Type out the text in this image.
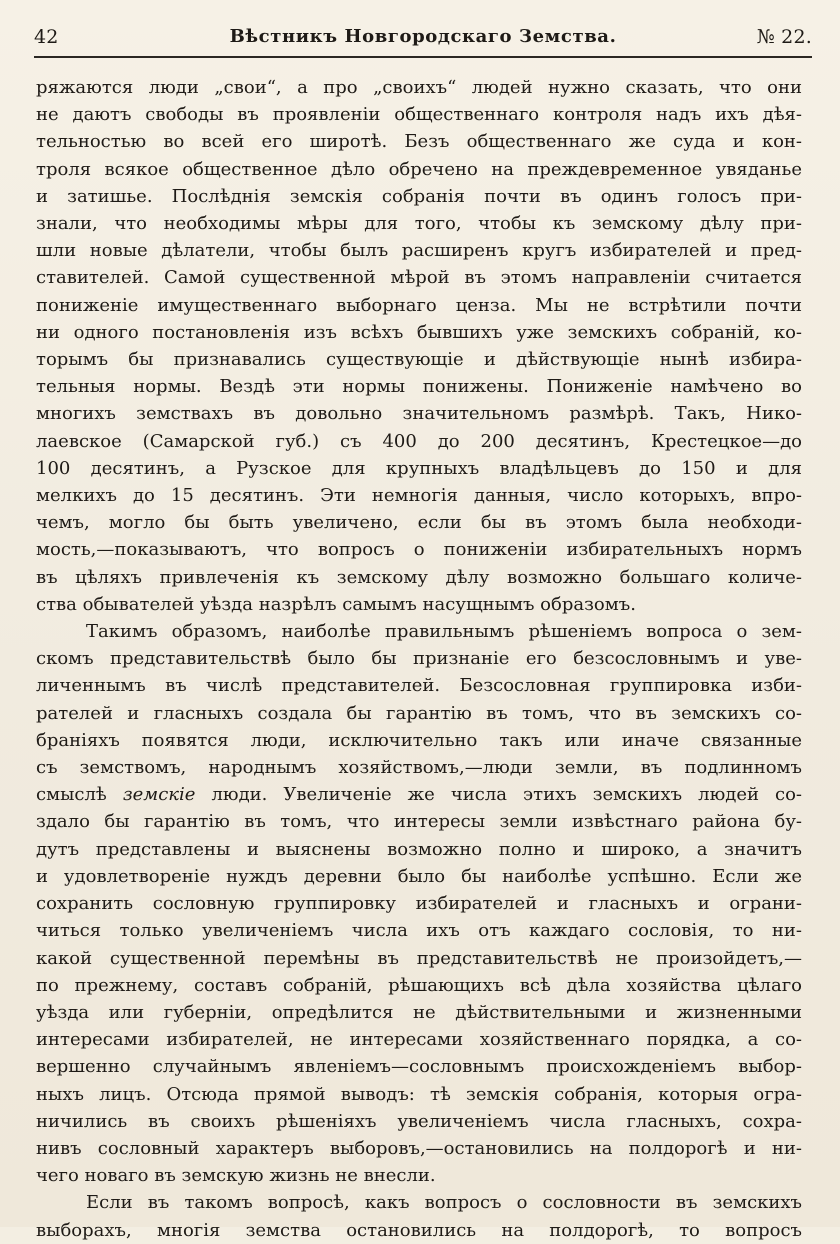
42	№ 22.
Вѣстникъ Новгородскаго Земства.
ряжаются люди „свои“, а про „своихъ“ людей нужно сказать, что они
не даютъ свободы въ проявленіи общественнаго контроля надъ ихъ дѣя-
тельностью во всей его широтѣ. Безъ общественнаго же суда и кон-
троля всякое общественное дѣло обречено на преждевременное увяданье
и затишье. Послѣднія земскія собранія почти въ одинъ голосъ при-
знали, что необходимы мѣры для того, чтобы къ земскому дѣлу при-
шли новые дѣлатели, чтобы былъ расширенъ кругъ избирателей и пред-
ставителей. Самой существенной мѣрой въ этомъ направленіи считается
пониженіе имущественнаго выборнаго ценза. Мы не встрѣтили почти
ни одного постановленія изъ всѣхъ бывшихъ уже земскихъ собраній, ко-
торымъ бы признавались существующіе и дѣйствующіе нынѣ избира-
тельныя нормы. Вездѣ эти нормы понижены. Пониженіе намѣчено во
многихъ земствахъ въ довольно значительномъ размѣрѣ. Такъ, Нико-
лаевское (Самарской губ.) съ 400 до 200 десятинъ, Крестецкое—до
100 десятинъ, а Рузское для крупныхъ владѣльцевъ до 150 и для
мелкихъ до 15 десятинъ. Эти немногія данныя, число которыхъ, впро-
чемъ, могло бы быть увеличено, если бы въ этомъ была необходи-
мость,—показываютъ, что вопросъ о пониженіи избирательныхъ нормъ
въ цѣляхъ привлеченія къ земскому дѣлу возможно большаго количе-
ства обывателей уѣзда назрѣлъ самымъ насущнымъ образомъ.
Такимъ образомъ, наиболѣе правильнымъ рѣшеніемъ вопроса о зем-
скомъ представительствѣ было бы признаніе его безсословнымъ и уве-
личеннымъ въ числѣ представителей. Безсословная группировка изби-
рателей и гласныхъ создала бы гарантію въ томъ, что въ земскихъ со-
браніяхъ появятся люди, исключительно такъ или иначе связанные
съ земствомъ, народнымъ хозяйствомъ,—люди земли, въ подлинномъ
смыслѣ земскіе люди. Увеличеніе же числа этихъ земскихъ людей со-
здало бы гарантію въ томъ, что интересы земли извѣстнаго района бу-
дутъ представлены и выяснены возможно полно и широко, а значитъ
и удовлетвореніе нуждъ деревни было бы наиболѣе успѣшно. Если же
сохранить сословную группировку избирателей и гласныхъ и ограни-
читься только увеличеніемъ числа ихъ отъ каждаго сословія, то ни-
какой существенной перемѣны въ представительствѣ не произойдетъ,—
по прежнему, составъ собраній, рѣшающихъ всѣ дѣла хозяйства цѣлаго
уѣзда или губерніи, опредѣлится не дѣйствительными и жизненными
интересами избирателей, не интересами хозяйственнаго порядка, а со-
вершенно случайнымъ явленіемъ—сословнымъ происхожденіемъ выбор-
ныхъ лицъ. Отсюда прямой выводъ: тѣ земскія собранія, которыя огра-
ничились въ своихъ рѣшеніяхъ увеличеніемъ числа гласныхъ, сохра-
нивъ сословный характеръ выборовъ,—остановились на полдорогѣ и ни-
чего новаго въ земскую жизнь не внесли.
Если въ такомъ вопросѣ, какъ вопросъ о сословности въ земскихъ
выборахъ, многія земства остановились на полдорогѣ, то вопросъ
